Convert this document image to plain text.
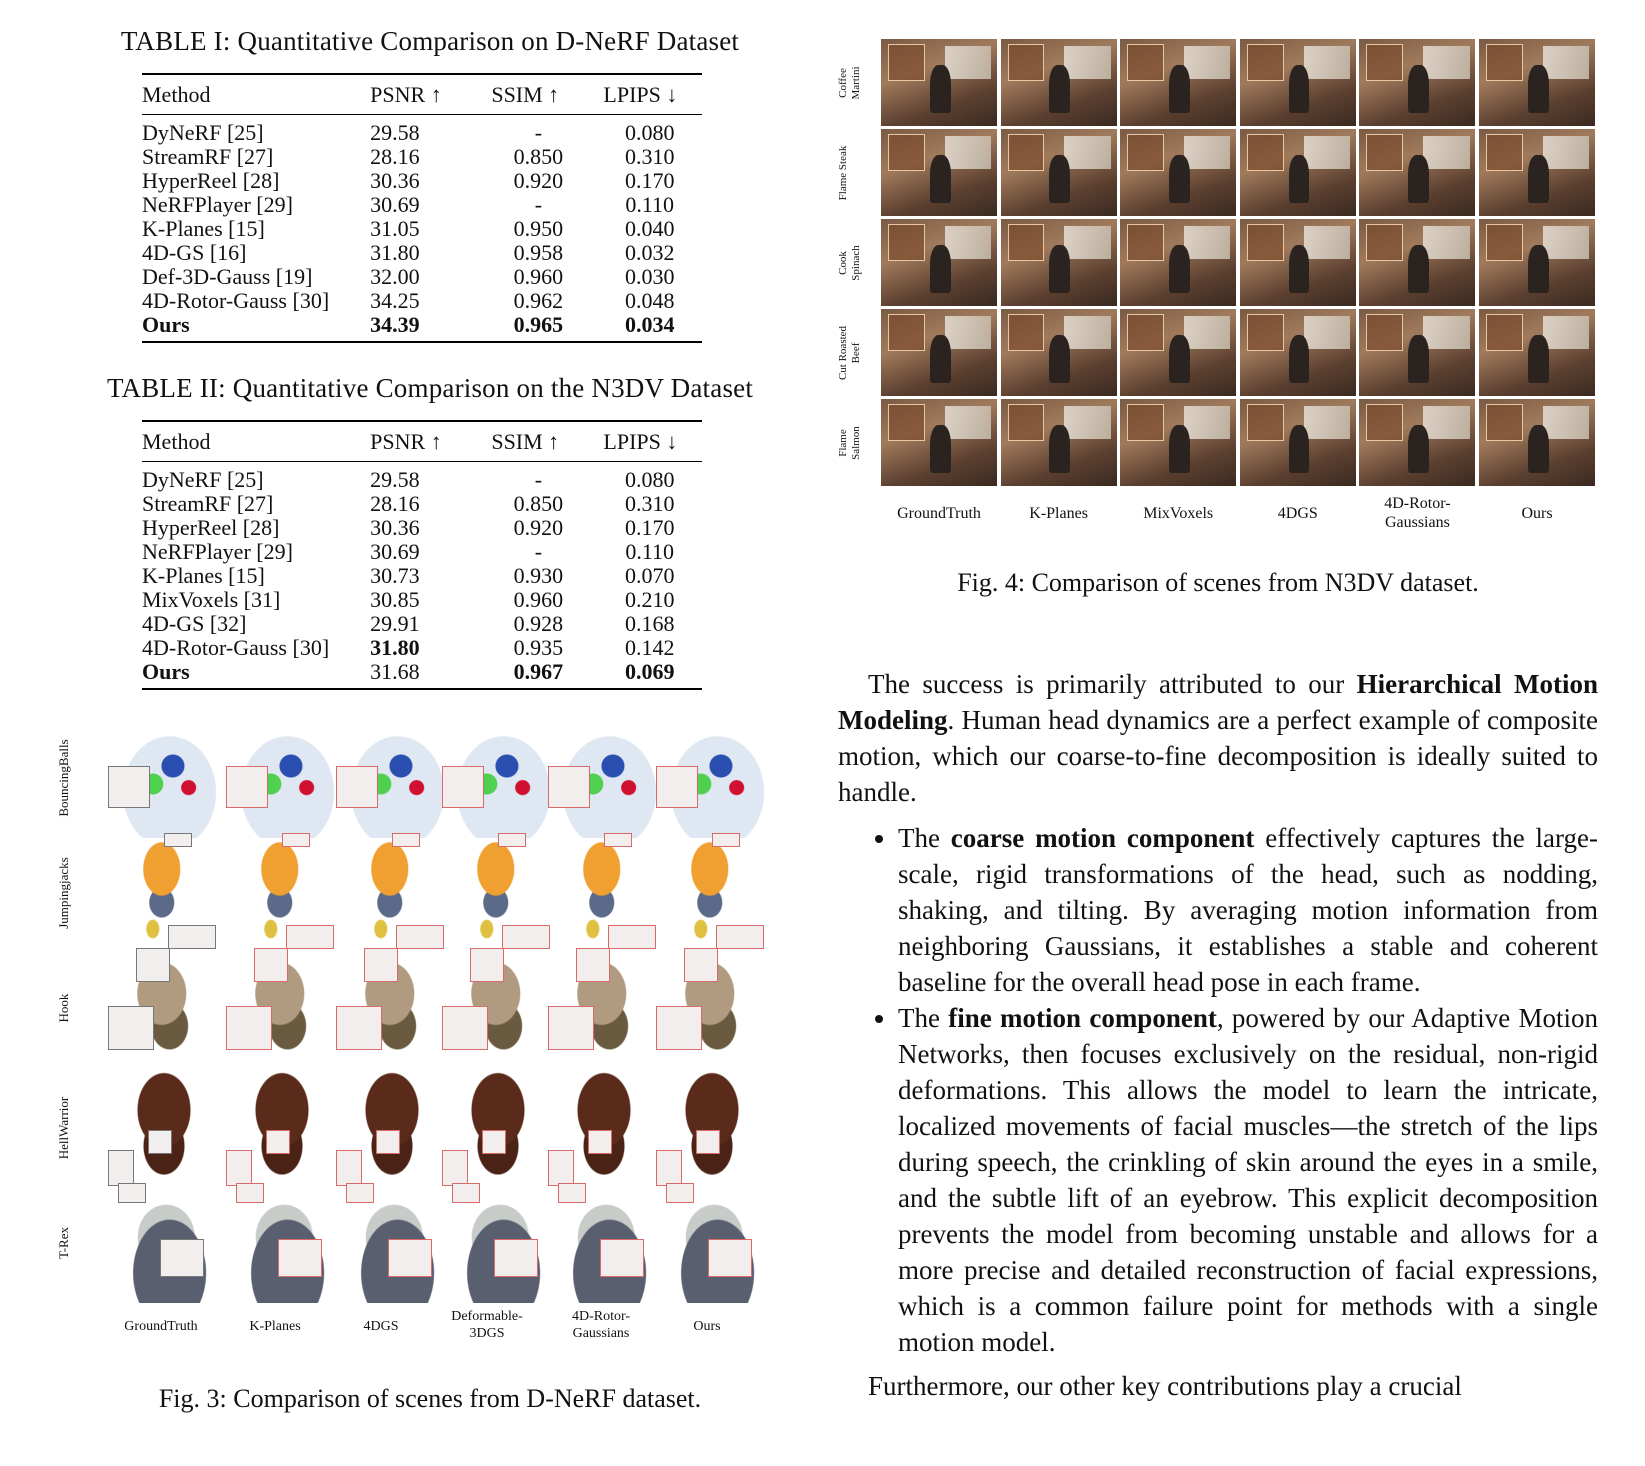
TABLE I: Quantitative Comparison on D-NeRF Dataset
Method	PSNR ↑	SSIM ↑	LPIPS ↓
DyNeRF [25]	29.58	-	0.080
StreamRF [27]	28.16	0.850	0.310
HyperReel [28]	30.36	0.920	0.170
NeRFPlayer [29]	30.69	-	0.110
K-Planes [15]	31.05	0.950	0.040
4D-GS [16]	31.80	0.958	0.032
Def-3D-Gauss [19]	32.00	0.960	0.030
4D-Rotor-Gauss [30]	34.25	0.962	0.048
Ours	34.39	0.965	0.034
TABLE II: Quantitative Comparison on the N3DV Dataset
Method	PSNR ↑	SSIM ↑	LPIPS ↓
DyNeRF [25]	29.58	-	0.080
StreamRF [27]	28.16	0.850	0.310
HyperReel [28]	30.36	0.920	0.170
NeRFPlayer [29]	30.69	-	0.110
K-Planes [15]	30.73	0.930	0.070
MixVoxels [31]	30.85	0.960	0.210
4D-GS [32]	29.91	0.928	0.168
4D-Rotor-Gauss [30]	31.80	0.935	0.142
Ours	31.68	0.967	0.069
GroundTruth	K-Planes	4DGS
Deformable-
3DGS
4D-Rotor-
Gaussians	Ours
BouncingBalls
Jumpingjacks
Hook
HellWarrior
T-Rex
Fig. 3: Comparison of scenes from D-NeRF dataset.
GroundTruth	K-Planes	MixVoxels	4DGS
4D-Rotor-
Gaussians
Ours
Coffee
Martini
Flame Steak
Cook
Spinach
Cut Roasted
Beef
Flame
Salmon
Fig. 4: Comparison of scenes from N3DV dataset.

The success is primarily attributed to our Hierarchical Motion Modeling. Human head dynamics are a perfect example of composite motion, which our coarse-to-fine decomposition is ideally suited to handle.

• The coarse motion component effectively captures the large-scale, rigid transformations of the head, such as nodding, shaking, and tilting. By averaging motion information from neighboring Gaussians, it establishes a stable and coherent baseline for the overall head pose in each frame.
• The fine motion component, powered by our Adaptive Motion Networks, then focuses exclusively on the residual, non-rigid deformations. This allows the model to learn the intricate, localized movements of facial muscles—the stretch of the lips during speech, the crinkling of skin around the eyes in a smile, and the subtle lift of an eyebrow. This explicit decomposition prevents the model from becoming unstable and allows for a more precise and detailed reconstruction of facial expressions, which is a common failure point for methods with a single motion model.

Furthermore, our other key contributions play a crucial
